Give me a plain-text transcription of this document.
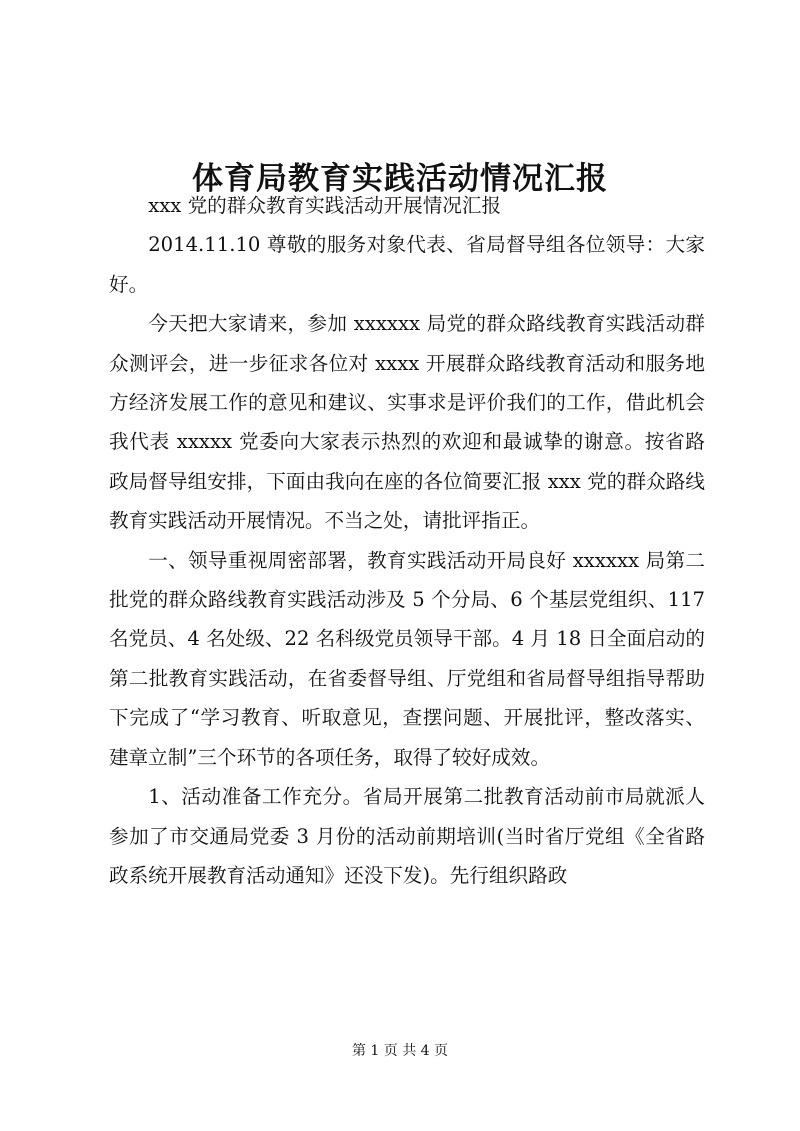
体育局教育实践活动情况汇报

xxx 党的群众教育实践活动开展情况汇报

2014.11.10 尊敬的服务对象代表、省局督导组各位领导：大家好。

今天把大家请来，参加 xxxxxx 局党的群众路线教育实践活动群众测评会，进一步征求各位对 xxxx 开展群众路线教育活动和服务地方经济发展工作的意见和建议、实事求是评价我们的工作，借此机会我代表 xxxxx 党委向大家表示热烈的欢迎和最诚挚的谢意。按省路政局督导组安排，下面由我向在座的各位简要汇报 xxx 党的群众路线教育实践活动开展情况。不当之处，请批评指正。

一、领导重视周密部署，教育实践活动开局良好 xxxxxx 局第二批党的群众路线教育实践活动涉及 5 个分局、6 个基层党组织、117 名党员、4 名处级、22 名科级党员领导干部。4 月 18 日全面启动的第二批教育实践活动，在省委督导组、厅党组和省局督导组指导帮助下完成了“学习教育、听取意见，查摆问题、开展批评，整改落实、建章立制”三个环节的各项任务，取得了较好成效。

1、活动准备工作充分。省局开展第二批教育活动前市局就派人参加了市交通局党委 3 月份的活动前期培训(当时省厅党组《全省路政系统开展教育活动通知》还没下发)。先行组织路政

第 1 页 共 4 页
